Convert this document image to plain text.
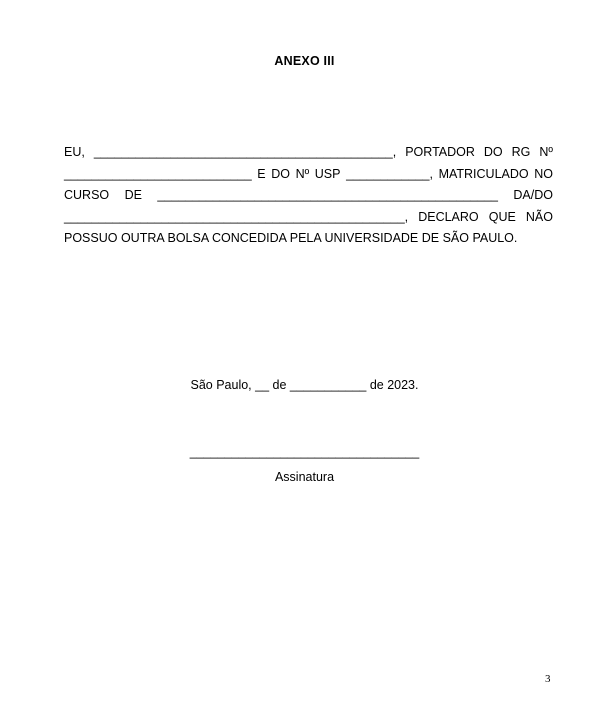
ANEXO III
EU, ___________________________________________, PORTADOR DO RG Nº
___________________________ E DO Nº USP ____________, MATRICULADO NO
CURSO DE _________________________________________________ DA/DO
_________________________________________________, DECLARO QUE NÃO
POSSUO OUTRA BOLSA CONCEDIDA PELA UNIVERSIDADE DE SÃO PAULO.
São Paulo, __ de ___________ de 2023.
_________________________________
Assinatura
3
